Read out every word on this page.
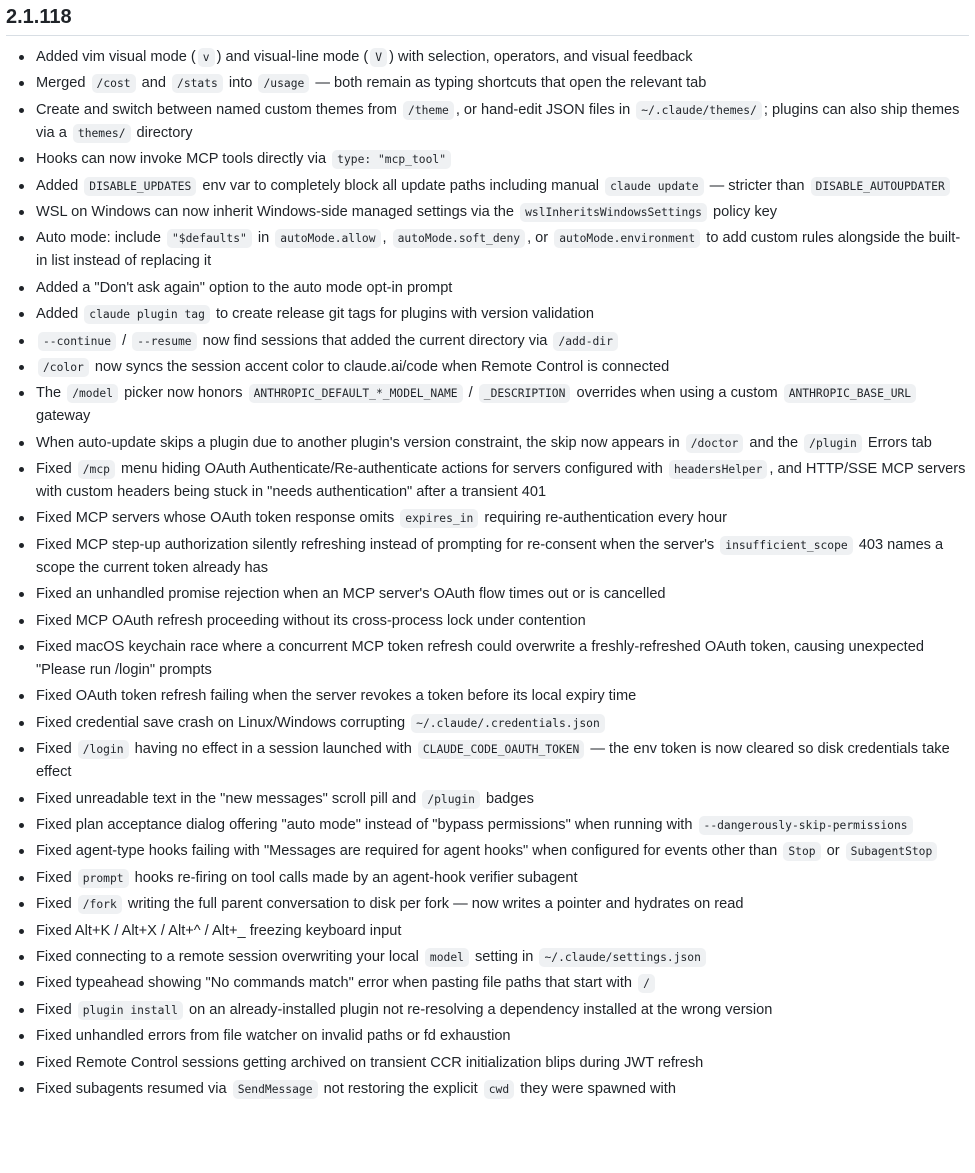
2.1.118
Added vim visual mode ( v ) and visual-line mode ( V ) with selection, operators, and visual feedback
Merged /cost and /stats into /usage — both remain as typing shortcuts that open the relevant tab
Create and switch between named custom themes from /theme , or hand-edit JSON files in ~/.claude/themes/ ; plugins can also ship themes via a themes/ directory
Hooks can now invoke MCP tools directly via type: "mcp_tool"
Added DISABLE_UPDATES env var to completely block all update paths including manual claude update — stricter than DISABLE_AUTOUPDATER
WSL on Windows can now inherit Windows-side managed settings via the wslInheritsWindowsSettings policy key
Auto mode: include "$defaults" in autoMode.allow , autoMode.soft_deny , or autoMode.environment to add custom rules alongside the built-in list instead of replacing it
Added a "Don't ask again" option to the auto mode opt-in prompt
Added claude plugin tag to create release git tags for plugins with version validation
--continue / --resume now find sessions that added the current directory via /add-dir
/color now syncs the session accent color to claude.ai/code when Remote Control is connected
The /model picker now honors ANTHROPIC_DEFAULT_*_MODEL_NAME / _DESCRIPTION overrides when using a custom ANTHROPIC_BASE_URL gateway
When auto-update skips a plugin due to another plugin's version constraint, the skip now appears in /doctor and the /plugin Errors tab
Fixed /mcp menu hiding OAuth Authenticate/Re-authenticate actions for servers configured with headersHelper , and HTTP/SSE MCP servers with custom headers being stuck in "needs authentication" after a transient 401
Fixed MCP servers whose OAuth token response omits expires_in requiring re-authentication every hour
Fixed MCP step-up authorization silently refreshing instead of prompting for re-consent when the server's insufficient_scope 403 names a scope the current token already has
Fixed an unhandled promise rejection when an MCP server's OAuth flow times out or is cancelled
Fixed MCP OAuth refresh proceeding without its cross-process lock under contention
Fixed macOS keychain race where a concurrent MCP token refresh could overwrite a freshly-refreshed OAuth token, causing unexpected "Please run /login" prompts
Fixed OAuth token refresh failing when the server revokes a token before its local expiry time
Fixed credential save crash on Linux/Windows corrupting ~/.claude/.credentials.json
Fixed /login having no effect in a session launched with CLAUDE_CODE_OAUTH_TOKEN — the env token is now cleared so disk credentials take effect
Fixed unreadable text in the "new messages" scroll pill and /plugin badges
Fixed plan acceptance dialog offering "auto mode" instead of "bypass permissions" when running with --dangerously-skip-permissions
Fixed agent-type hooks failing with "Messages are required for agent hooks" when configured for events other than Stop or SubagentStop
Fixed prompt hooks re-firing on tool calls made by an agent-hook verifier subagent
Fixed /fork writing the full parent conversation to disk per fork — now writes a pointer and hydrates on read
Fixed Alt+K / Alt+X / Alt+^ / Alt+_ freezing keyboard input
Fixed connecting to a remote session overwriting your local model setting in ~/.claude/settings.json
Fixed typeahead showing "No commands match" error when pasting file paths that start with /
Fixed plugin install on an already-installed plugin not re-resolving a dependency installed at the wrong version
Fixed unhandled errors from file watcher on invalid paths or fd exhaustion
Fixed Remote Control sessions getting archived on transient CCR initialization blips during JWT refresh
Fixed subagents resumed via SendMessage not restoring the explicit cwd they were spawned with
